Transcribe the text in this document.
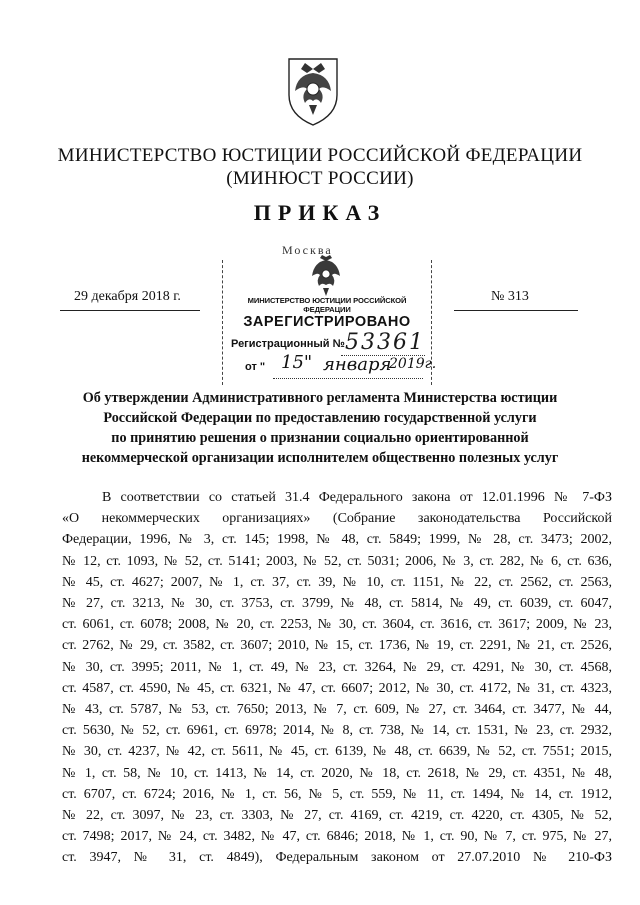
МИНИСТЕРСТВО ЮСТИЦИИ РОССИЙСКОЙ ФЕДЕРАЦИИ
(МИНЮСТ РОССИИ)
ПРИКАЗ
29 декабря 2018 г.	№ 313
МИНИСТЕРСТВО ЮСТИЦИИ РОССИЙСКОЙ ФЕДЕРАЦИИ
ЗАРЕГИСТРИРОВАНО
Регистрационный № 53361
от " 15" января
2019г.
Москва
Об утверждении Административного регламента Министерства юстиции
Российской Федерации по предоставлению государственной услуги
по принятию решения о признании социально ориентированной
некоммерческой организации исполнителем общественно полезных услуг
В соответствии со статьей 31.4 Федерального закона от 12.01.1996 № 7-ФЗ
«О некоммерческих организациях» (Собрание законодательства Российской
Федерации, 1996, № 3, ст. 145; 1998, № 48, ст. 5849; 1999, № 28, ст. 3473; 2002,
№ 12, ст. 1093, № 52, ст. 5141; 2003, № 52, ст. 5031; 2006, № 3, ст. 282, № 6, ст. 636,
№ 45, ст. 4627; 2007, № 1, ст. 37, ст. 39, № 10, ст. 1151, № 22, ст. 2562, ст. 2563,
№ 27, ст. 3213, № 30, ст. 3753, ст. 3799, № 48, ст. 5814, № 49, ст. 6039, ст. 6047,
ст. 6061, ст. 6078; 2008, № 20, ст. 2253, № 30, ст. 3604, ст. 3616, ст. 3617; 2009, № 23,
ст. 2762, № 29, ст. 3582, ст. 3607; 2010, № 15, ст. 1736, № 19, ст. 2291, № 21, ст. 2526,
№ 30, ст. 3995; 2011, № 1, ст. 49, № 23, ст. 3264, № 29, ст. 4291, № 30, ст. 4568,
ст. 4587, ст. 4590, № 45, ст. 6321, № 47, ст. 6607; 2012, № 30, ст. 4172, № 31, ст. 4323,
№ 43, ст. 5787, № 53, ст. 7650; 2013, № 7, ст. 609, № 27, ст. 3464, ст. 3477, № 44,
ст. 5630, № 52, ст. 6961, ст. 6978; 2014, № 8, ст. 738, № 14, ст. 1531, № 23, ст. 2932,
№ 30, ст. 4237, № 42, ст. 5611, № 45, ст. 6139, № 48, ст. 6639, № 52, ст. 7551; 2015,
№ 1, ст. 58, № 10, ст. 1413, № 14, ст. 2020, № 18, ст. 2618, № 29, ст. 4351, № 48,
ст. 6707, ст. 6724; 2016, № 1, ст. 56, № 5, ст. 559, № 11, ст. 1494, № 14, ст. 1912,
№ 22, ст. 3097, № 23, ст. 3303, № 27, ст. 4169, ст. 4219, ст. 4220, ст. 4305, № 52,
ст. 7498; 2017, № 24, ст. 3482, № 47, ст. 6846; 2018, № 1, ст. 90, № 7, ст. 975, № 27,
ст. 3947, № 31, ст. 4849), Федеральным законом от 27.07.2010 № 210-ФЗ
